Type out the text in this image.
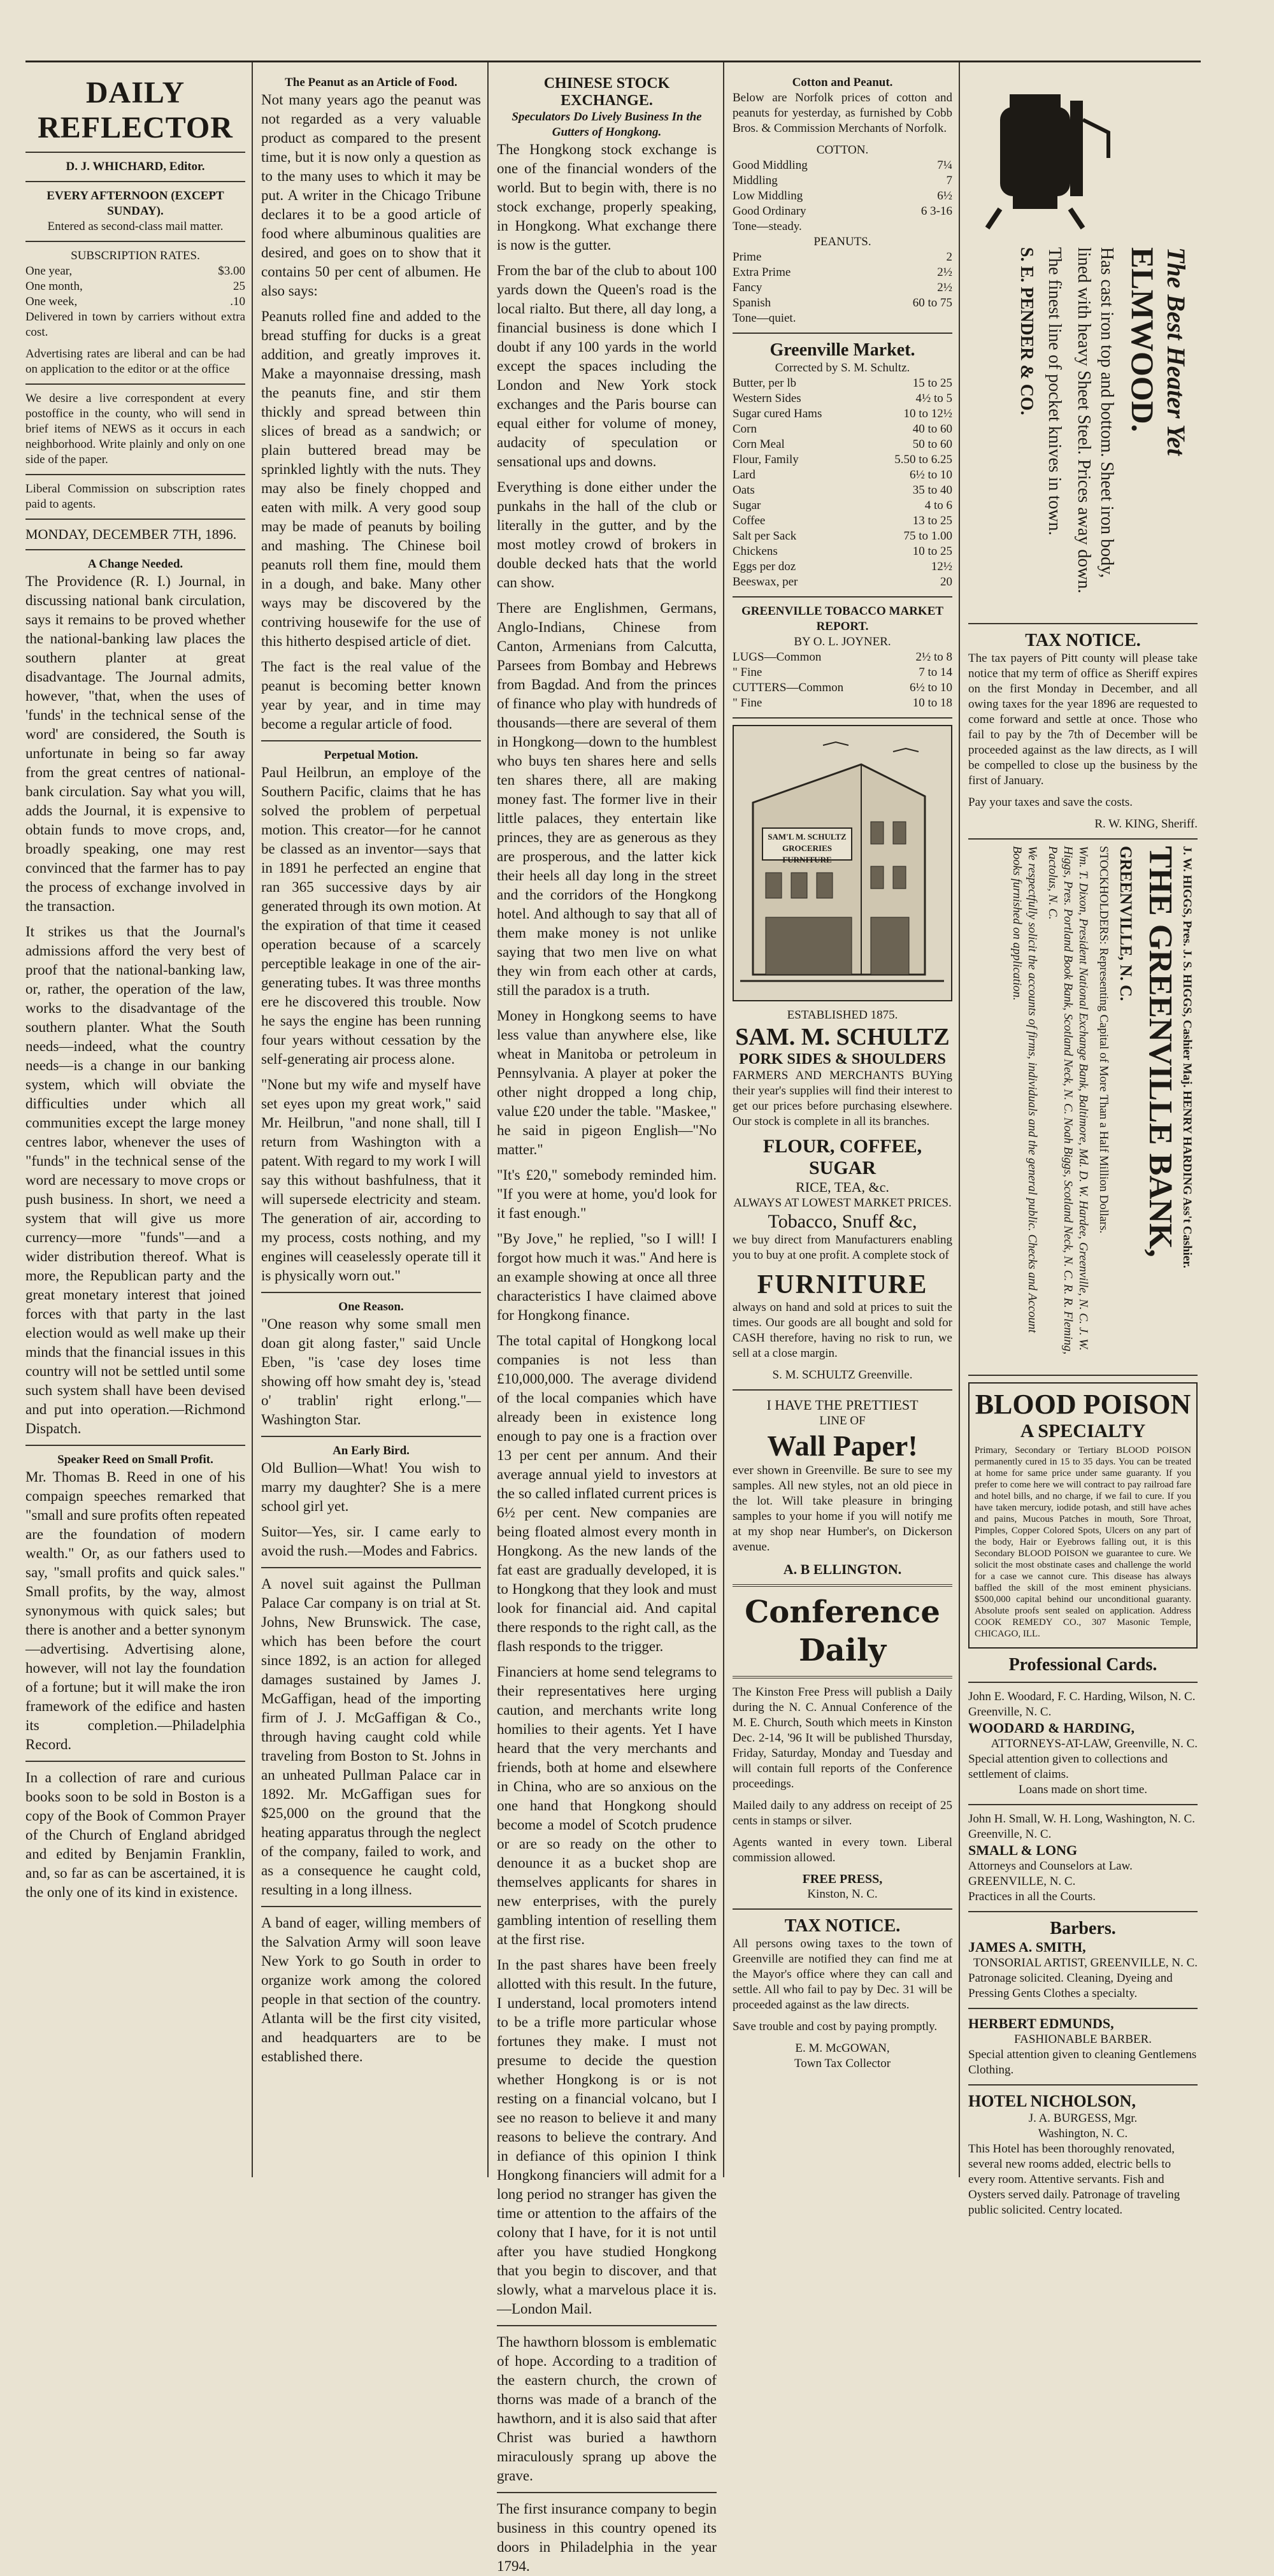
DAILY REFLECTOR
D. J. WHICHARD, Editor.
EVERY AFTERNOON (EXCEPT SUNDAY).
Entered as second-class mail matter.
SUBSCRIPTION RATES.
One year,	$3.00
One month,	25
One week,	.10

Delivered in town by carriers without extra cost.

Advertising rates are liberal and can be had on application to the editor or at the office

We desire a live correspondent at every postoffice in the county, who will send in brief items of NEWS as it occurs in each neighborhood. Write plainly and only on one side of the paper.

Liberal Commission on subscription rates paid to agents.

MONDAY, DECEMBER 7TH, 1896.

A Change Needed.

The Providence (R. I.) Journal, in discussing national bank circulation, says it remains to be proved whether the national-banking law places the southern planter at great disadvantage. The Journal admits, however, "that, when the uses of 'funds' in the technical sense of the word' are considered, the South is unfortunate in being so far away from the great centres of national-bank circulation. Say what you will, adds the Journal, it is expensive to obtain funds to move crops, and, broadly speaking, one may rest convinced that the farmer has to pay the process of exchange involved in the transaction.

It strikes us that the Journal's admissions afford the very best of proof that the national-banking law, or, rather, the operation of the law, works to the disadvantage of the southern planter. What the South needs—indeed, what the country needs—is a change in our banking system, which will obviate the difficulties under which all communities except the large money centres labor, whenever the uses of "funds" in the technical sense of the word are necessary to move crops or push business. In short, we need a system that will give us more currency—more "funds"—and a wider distribution thereof. What is more, the Republican party and the great monetary interest that joined forces with that party in the last election would as well make up their minds that the financial issues in this country will not be settled until some such system shall have been devised and put into operation.—Richmond Dispatch.

Speaker Reed on Small Profit.

Mr. Thomas B. Reed in one of his compaign speeches remarked that "small and sure profits often repeated are the foundation of modern wealth." Or, as our fathers used to say, "small profits and quick sales." Small profits, by the way, almost synonymous with quick sales; but there is another and a better synonym—advertising. Advertising alone, however, will not lay the foundation of a fortune; but it will make the iron framework of the edifice and hasten its completion.—Philadelphia Record.

In a collection of rare and curious books soon to be sold in Boston is a copy of the Book of Common Prayer of the Church of England abridged and edited by Benjamin Franklin, and, so far as can be ascertained, it is the only one of its kind in existence.

The Peanut as an Article of Food.

Not many years ago the peanut was not regarded as a very valuable product as compared to the present time, but it is now only a question as to the many uses to which it may be put. A writer in the Chicago Tribune declares it to be a good article of food where albuminous qualities are desired, and goes on to show that it contains 50 per cent of albumen. He also says:

Peanuts rolled fine and added to the bread stuffing for ducks is a great addition, and greatly improves it. Make a mayonnaise dressing, mash the peanuts fine, and stir them thickly and spread between thin slices of bread as a sandwich; or plain buttered bread may be sprinkled lightly with the nuts. They may also be finely chopped and eaten with milk. A very good soup may be made of peanuts by boiling and mashing. The Chinese boil peanuts roll them fine, mould them in a dough, and bake. Many other ways may be discovered by the contriving housewife for the use of this hitherto despised article of diet.

The fact is the real value of the peanut is becoming better known year by year, and in time may become a regular article of food.

Perpetual Motion.

Paul Heilbrun, an employe of the Southern Pacific, claims that he has solved the problem of perpetual motion. This creator—for he cannot be classed as an inventor—says that in 1891 he perfected an engine that ran 365 successive days by air generated through its own motion. At the expiration of that time it ceased operation because of a scarcely perceptible leakage in one of the air-generating tubes. It was three months ere he discovered this trouble. Now he says the engine has been running four years without cessation by the self-generating air process alone.

"None but my wife and myself have set eyes upon my great work," said Mr. Heilbrun, "and none shall, till I return from Washington with a patent. With regard to my work I will say this without bashfulness, that it will supersede electricity and steam. The generation of air, according to my process, costs nothing, and my engines will ceaselessly operate till it is physically worn out."

One Reason.

"One reason why some small men doan git along faster," said Uncle Eben, "is 'case dey loses time showing off how smaht dey is, 'stead o' trablin' right erlong."—Washington Star.

An Early Bird.

Old Bullion—What! You wish to marry my daughter? She is a mere school girl yet.

Suitor—Yes, sir. I came early to avoid the rush.—Modes and Fabrics.

A novel suit against the Pullman Palace Car company is on trial at St. Johns, New Brunswick. The case, which has been before the court since 1892, is an action for alleged damages sustained by James J. McGaffigan, head of the importing firm of J. J. McGaffigan & Co., through having caught cold while traveling from Boston to St. Johns in an unheated Pullman Palace car in 1892. Mr. McGaffigan sues for $25,000 on the ground that the heating apparatus through the neglect of the company, failed to work, and as a consequence he caught cold, resulting in a long illness.

A band of eager, willing members of the Salvation Army will soon leave New York to go South in order to organize work among the colored people in that section of the country. Atlanta will be the first city visited, and headquarters are to be established there.

CHINESE STOCK EXCHANGE.
Speculators Do Lively Business In the Gutters of Hongkong.

The Hongkong stock exchange is one of the financial wonders of the world. But to begin with, there is no stock exchange, properly speaking, in Hongkong. What exchange there is now is the gutter.

From the bar of the club to about 100 yards down the Queen's road is the local rialto. But there, all day long, a financial business is done which I doubt if any 100 yards in the world except the spaces including the London and New York stock exchanges and the Paris bourse can equal either for volume of money, audacity of speculation or sensational ups and downs.

Everything is done either under the punkahs in the hall of the club or literally in the gutter, and by the most motley crowd of brokers in double decked hats that the world can show.

There are Englishmen, Germans, Anglo-Indians, Chinese from Canton, Armenians from Calcutta, Parsees from Bombay and Hebrews from Bagdad. And from the princes of finance who play with hundreds of thousands—there are several of them in Hongkong—down to the humblest who buys ten shares here and sells ten shares there, all are making money fast. The former live in their little palaces, they entertain like princes, they are as generous as they are prosperous, and the latter kick their heels all day long in the street and the corridors of the Hongkong hotel. And although to say that all of them make money is not unlike saying that two men live on what they win from each other at cards, still the paradox is a truth.

Money in Hongkong seems to have less value than anywhere else, like wheat in Manitoba or petroleum in Pennsylvania. A player at poker the other night dropped a long chip, value £20 under the table. "Maskee," he said in pigeon English—"No matter."

"It's £20," somebody reminded him. "If you were at home, you'd look for it fast enough."

"By Jove," he replied, "so I will! I forgot how much it was." And here is an example showing at once all three characteristics I have claimed above for Hongkong finance.

The total capital of Hongkong local companies is not less than £10,000,000. The average dividend of the local companies which have already been in existence long enough to pay one is a fraction over 13 per cent per annum. And their average annual yield to investors at the so called inflated current prices is 6½ per cent. New companies are being floated almost every month in Hongkong. As the new lands of the fat east are gradually developed, it is to Hongkong that they look and must look for financial aid. And capital there responds to the right call, as the flash responds to the trigger.

Financiers at home send telegrams to their representatives here urging caution, and merchants write long homilies to their agents. Yet I have heard that the very merchants and friends, both at home and elsewhere in China, who are so anxious on the one hand that Hongkong should become a model of Scotch prudence or are so ready on the other to denounce it as a bucket shop are themselves applicants for shares in new enterprises, with the purely gambling intention of reselling them at the first rise.

In the past shares have been freely allotted with this result. In the future, I understand, local promoters intend to be a trifle more particular whose fortunes they make. I must not presume to decide the question whether Hongkong is or is not resting on a financial volcano, but I see no reason to believe it and many reasons to believe the contrary. And in defiance of this opinion I think Hongkong financiers will admit for a long period no stranger has given the time or attention to the affairs of the colony that I have, for it is not until after you have studied Hongkong that you begin to discover, and that slowly, what a marvelous place it is.—London Mail.

The hawthorn blossom is emblematic of hope. According to a tradition of the eastern church, the crown of thorns was made of a branch of the hawthorn, and it is also said that after Christ was buried a hawthorn miraculously sprang up above the grave.

The first insurance company to begin business in this country opened its doors in Philadelphia in the year 1794.

Cotton and Peanut.

Below are Norfolk prices of cotton and peanuts for yesterday, as furnished by Cobb Bros. & Commission Merchants of Norfolk.

COTTON.
Good Middling	7¼
Middling	7
Low Middling	6½
Good Ordinary	6 3-16
Tone—steady.	
PEANUTS.
Prime	2
Extra Prime	2½
Fancy	2½
Spanish	60 to 75
Tone—quiet.	
Greenville Market.
Corrected by S. M. Schultz.
Butter, per lb	15 to 25
Western Sides	4½ to 5
Sugar cured Hams	10 to 12½
Corn	40 to 60
Corn Meal	50 to 60
Flour, Family	5.50 to 6.25
Lard	6½ to 10
Oats	35 to 40
Sugar	4 to 6
Coffee	13 to 25
Salt per Sack	75 to 1.00
Chickens	10 to 25
Eggs per doz	12½
Beeswax, per	20
GREENVILLE TOBACCO MARKET REPORT.
BY O. L. JOYNER.
LUGS—Common	2½ to 8
" Fine	7 to 14
CUTTERS—Common	6½ to 10
" Fine	10 to 18
SAM'L M. SCHULTZ GROCERIES FURNITURE
ESTABLISHED 1875.
SAM. M. SCHULTZ
PORK SIDES & SHOULDERS

FARMERS AND MERCHANTS BUYing their year's supplies will find their interest to get our prices before purchasing elsewhere. Our stock is complete in all its branches.

FLOUR, COFFEE, SUGAR
RICE, TEA, &c.
ALWAYS AT LOWEST MARKET PRICES.
Tobacco, Snuff &c,

we buy direct from Manufacturers enabling you to buy at one profit. A complete stock of

FURNITURE

always on hand and sold at prices to suit the times. Our goods are all bought and sold for CASH therefore, having no risk to run, we sell at a close margin.

S. M. SCHULTZ Greenville.
I HAVE THE PRETTIEST
LINE OF
Wall Paper!

ever shown in Greenville. Be sure to see my samples. All new styles, not an old piece in the lot. Will take pleasure in bringing samples to your home if you will notify me at my shop near Humber's, on Dickerson avenue.

A. B ELLINGTON.
Conference Daily

The Kinston Free Press will publish a Daily during the N. C. Annual Conference of the M. E. Church, South which meets in Kinston Dec. 2-14, '96 It will be published Thursday, Friday, Saturday, Monday and Tuesday and will contain full reports of the Conference proceedings.

Mailed daily to any address on receipt of 25 cents in stamps or silver.

Agents wanted in every town. Liberal commission allowed.

FREE PRESS,
Kinston, N. C.
TAX NOTICE.

All persons owing taxes to the town of Greenville are notified they can find me at the Mayor's office where they can call and settle. All who fail to pay by Dec. 31 will be proceeded against as the law directs.

Save trouble and cost by paying promptly.

E. M. McGOWAN,
Town Tax Collector
The Best Heater Yet
ELMWOOD.
Has cast iron top and bottom. Sheet iron body, lined with heavy Sheet Steel. Prices away down.
The finest line of pocket knives in town.
S. E. PENDER & CO.
TAX NOTICE.

The tax payers of Pitt county will please take notice that my term of office as Sheriff expires on the first Monday in December, and all owing taxes for the year 1896 are requested to come forward and settle at once. Those who fail to pay by the 7th of December will be proceeded against as the law directs, as I will be compelled to close up the business by the first of January.

Pay your taxes and save the costs.

R. W. KING, Sheriff.
J. W. HIGGS, Pres. J. S. HIGGS, Cashier Maj. HENRY HARDING Ass't Cashier.
THE GREENVILLE BANK,
GREENVILLE, N. C.
STOCKHOLDERS: Representing Capital of More Than a Half Million Dollars.
Wm. T. Dixon, President National Exchange Bank, Baltimore, Md. D. W. Hardee, Greenville, N. C. J. W. Higgs, Pres. Portland Book Bank, Scotland Neck, N. C. Noah Biggs, Scotland Neck, N. C. R. R. Fleming, Pactolus, N. C.
We respectfully solicit the accounts of firms, individuals and the general public. Checks and Account Books furnished on application.
BLOOD POISON
A SPECIALTY

Primary, Secondary or Tertiary BLOOD POISON permanently cured in 15 to 35 days. You can be treated at home for same price under same guaranty. If you prefer to come here we will contract to pay railroad fare and hotel bills, and no charge, if we fail to cure. If you have taken mercury, iodide potash, and still have aches and pains, Mucous Patches in mouth, Sore Throat, Pimples, Copper Colored Spots, Ulcers on any part of the body, Hair or Eyebrows falling out, it is this Secondary BLOOD POISON we guarantee to cure. We solicit the most obstinate cases and challenge the world for a case we cannot cure. This disease has always baffled the skill of the most eminent physicians. $500,000 capital behind our unconditional guaranty. Absolute proofs sent sealed on application. Address COOK REMEDY CO., 307 Masonic Temple, CHICAGO, ILL.

Professional Cards.
John E. Woodard, F. C. Harding, Wilson, N. C. Greenville, N. C.
WOODARD & HARDING,
ATTORNEYS-AT-LAW, Greenville, N. C.
Special attention given to collections and settlement of claims.
Loans made on short time.
John H. Small, W. H. Long, Washington, N. C. Greenville, N. C.
SMALL & LONG
Attorneys and Counselors at Law. GREENVILLE, N. C.
Practices in all the Courts.
Barbers.
JAMES A. SMITH,
TONSORIAL ARTIST, GREENVILLE, N. C.
Patronage solicited. Cleaning, Dyeing and Pressing Gents Clothes a specialty.
HERBERT EDMUNDS,
FASHIONABLE BARBER.
Special attention given to cleaning Gentlemens Clothing.
HOTEL NICHOLSON,
J. A. BURGESS, Mgr.
Washington, N. C.
This Hotel has been thoroughly renovated, several new rooms added, electric bells to every room. Attentive servants. Fish and Oysters served daily. Patronage of traveling public solicited. Centry located.
